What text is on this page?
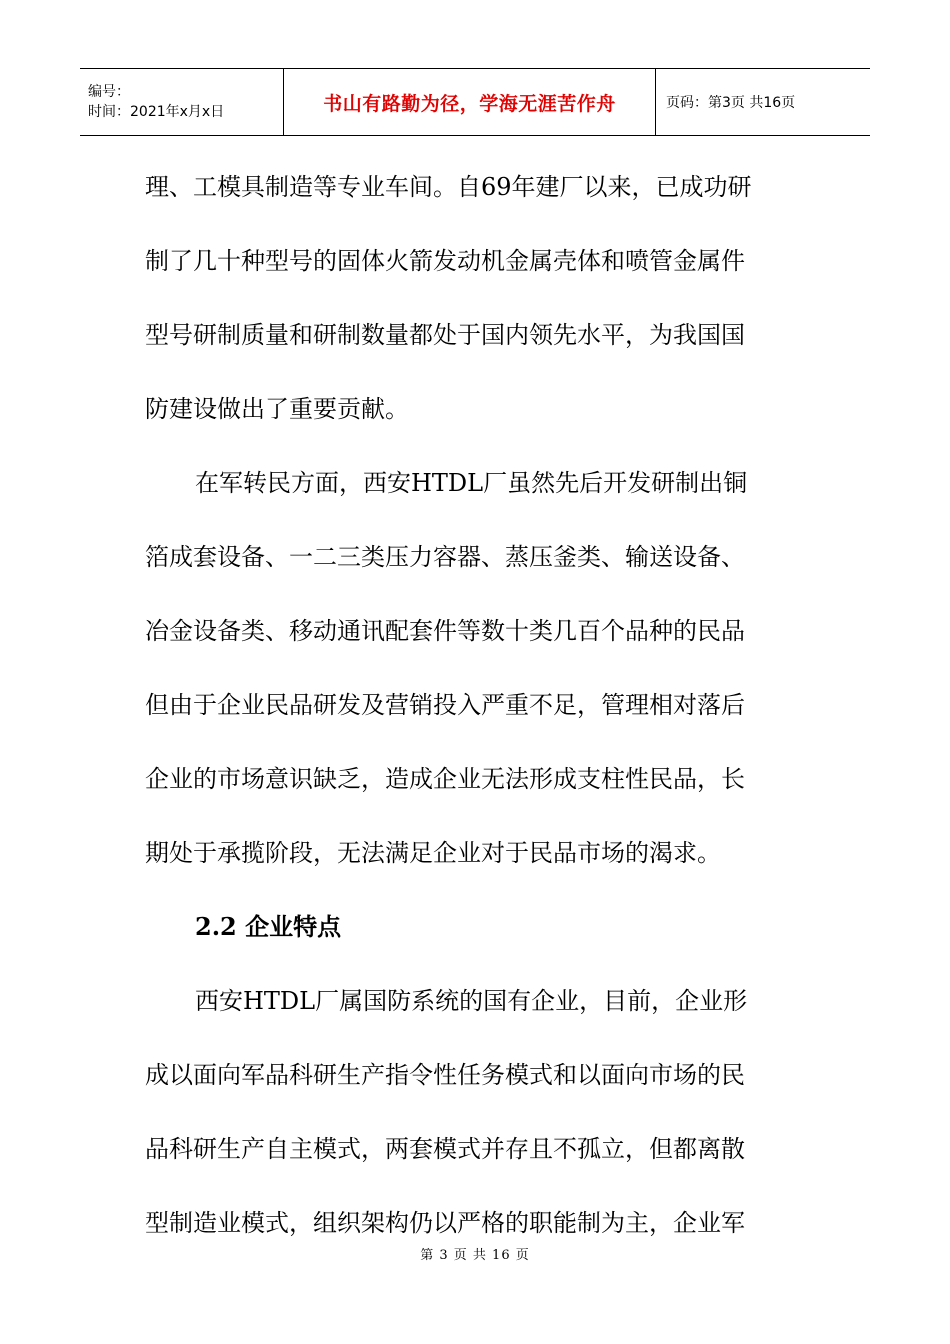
编号：
时间：2021年x月x日	书山有路勤为径，学海无涯苦作舟	页码：第3页 共16页
理、工模具制造等专业车间。自69年建厂以来，已成功研
制了几十种型号的固体火箭发动机金属壳体和喷管金属件
型号研制质量和研制数量都处于国内领先水平，为我国国
防建设做出了重要贡献。
在军转民方面，西安HTDL厂虽然先后开发研制出铜
箔成套设备、一二三类压力容器、蒸压釜类、输送设备、
冶金设备类、移动通讯配套件等数十类几百个品种的民品
但由于企业民品研发及营销投入严重不足，管理相对落后
企业的市场意识缺乏，造成企业无法形成支柱性民品，长
期处于承揽阶段，无法满足企业对于民品市场的渴求。
2.2 企业特点
西安HTDL厂属国防系统的国有企业，目前，企业形
成以面向军品科研生产指令性任务模式和以面向市场的民
品科研生产自主模式，两套模式并存且不孤立，但都离散
型制造业模式，组织架构仍以严格的职能制为主，企业军
第 3 页 共 16 页
